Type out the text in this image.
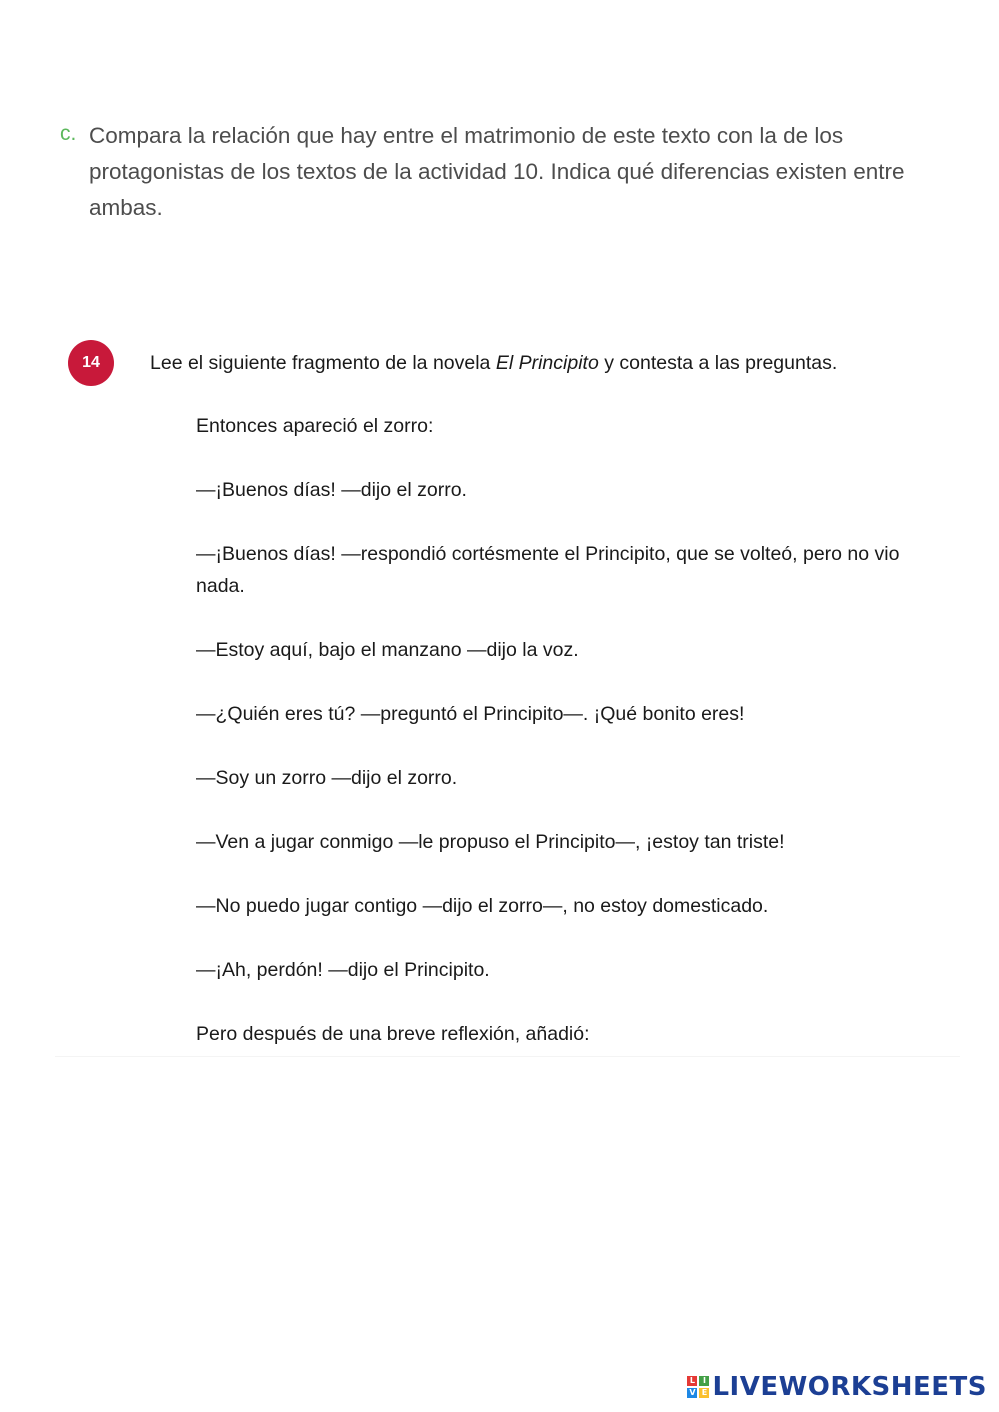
c. Compara la relación que hay entre el matrimonio de este texto con la de los protagonistas de los textos de la actividad 10. Indica qué diferencias existen entre ambas.
14	Lee el siguiente fragmento de la novela El Principito y contesta a las preguntas.

Entonces apareció el zorro:

—¡Buenos días! —dijo el zorro.

—¡Buenos días! —respondió cortésmente el Principito, que se volteó, pero no vio nada.

—Estoy aquí, bajo el manzano —dijo la voz.

—¿Quién eres tú? —preguntó el Principito—. ¡Qué bonito eres!

—Soy un zorro —dijo el zorro.

—Ven a jugar conmigo —le propuso el Principito—, ¡estoy tan triste!

—No puedo jugar contigo —dijo el zorro—, no estoy domesticado.

—¡Ah, perdón! —dijo el Principito.

Pero después de una breve reflexión, añadió:

L I
V E LIVEWORKSHEETS
